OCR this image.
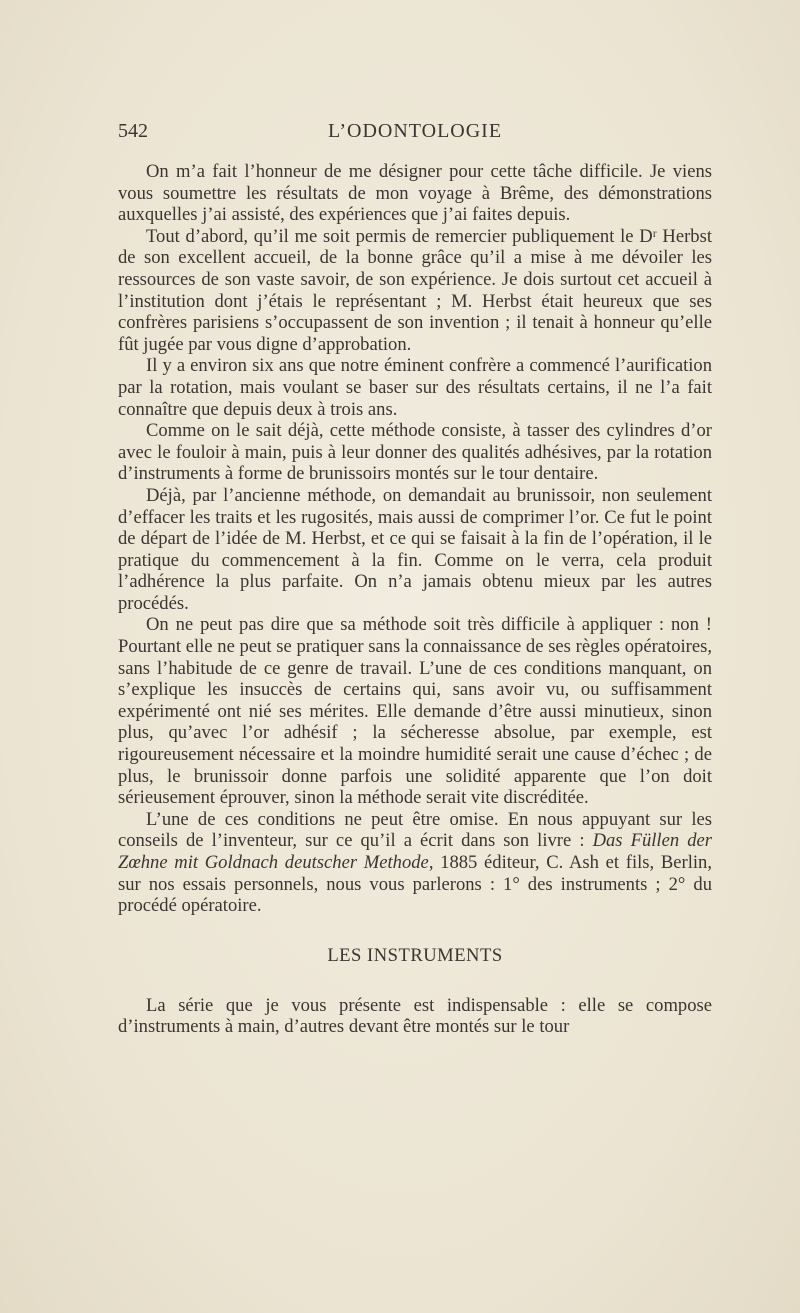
542	L’ODONTOLOGIE

On m’a fait l’honneur de me désigner pour cette tâche difficile. Je viens vous soumettre les résultats de mon voyage à Brême, des démonstrations auxquelles j’ai assisté, des expériences que j’ai faites depuis.

Tout d’abord, qu’il me soit permis de remercier publiquement le Dʳ Herbst de son excellent accueil, de la bonne grâce qu’il a mise à me dévoiler les ressources de son vaste savoir, de son expérience. Je dois surtout cet accueil à l’institution dont j’étais le représentant ; M. Herbst était heureux que ses confrères parisiens s’occupassent de son invention ; il tenait à honneur qu’elle fût jugée par vous digne d’approbation.

Il y a environ six ans que notre éminent confrère a commencé l’aurification par la rotation, mais voulant se baser sur des résultats certains, il ne l’a fait connaître que depuis deux à trois ans.

Comme on le sait déjà, cette méthode consiste, à tasser des cylindres d’or avec le fouloir à main, puis à leur donner des qualités adhésives, par la rotation d’instruments à forme de brunissoirs montés sur le tour dentaire.

Déjà, par l’ancienne méthode, on demandait au brunissoir, non seulement d’effacer les traits et les rugosités, mais aussi de comprimer l’or. Ce fut le point de départ de l’idée de M. Herbst, et ce qui se faisait à la fin de l’opération, il le pratique du commencement à la fin. Comme on le verra, cela produit l’adhérence la plus parfaite. On n’a jamais obtenu mieux par les autres procédés.

On ne peut pas dire que sa méthode soit très difficile à appliquer : non ! Pourtant elle ne peut se pratiquer sans la connaissance de ses règles opératoires, sans l’habitude de ce genre de travail. L’une de ces conditions manquant, on s’explique les insuccès de certains qui, sans avoir vu, ou suffisamment expérimenté ont nié ses mérites. Elle demande d’être aussi minutieux, sinon plus, qu’avec l’or adhésif ; la sécheresse absolue, par exemple, est rigoureusement nécessaire et la moindre humidité serait une cause d’échec ; de plus, le brunissoir donne parfois une solidité apparente que l’on doit sérieusement éprouver, sinon la méthode serait vite discréditée.

L’une de ces conditions ne peut être omise. En nous appuyant sur les conseils de l’inventeur, sur ce qu’il a écrit dans son livre : Das Füllen der Zœhne mit Goldnach deutscher Methode, 1885 éditeur, C. Ash et fils, Berlin, sur nos essais personnels, nous vous parlerons : 1° des instruments ; 2° du procédé opératoire.

LES INSTRUMENTS

La série que je vous présente est indispensable : elle se compose d’instruments à main, d’autres devant être montés sur le tour
